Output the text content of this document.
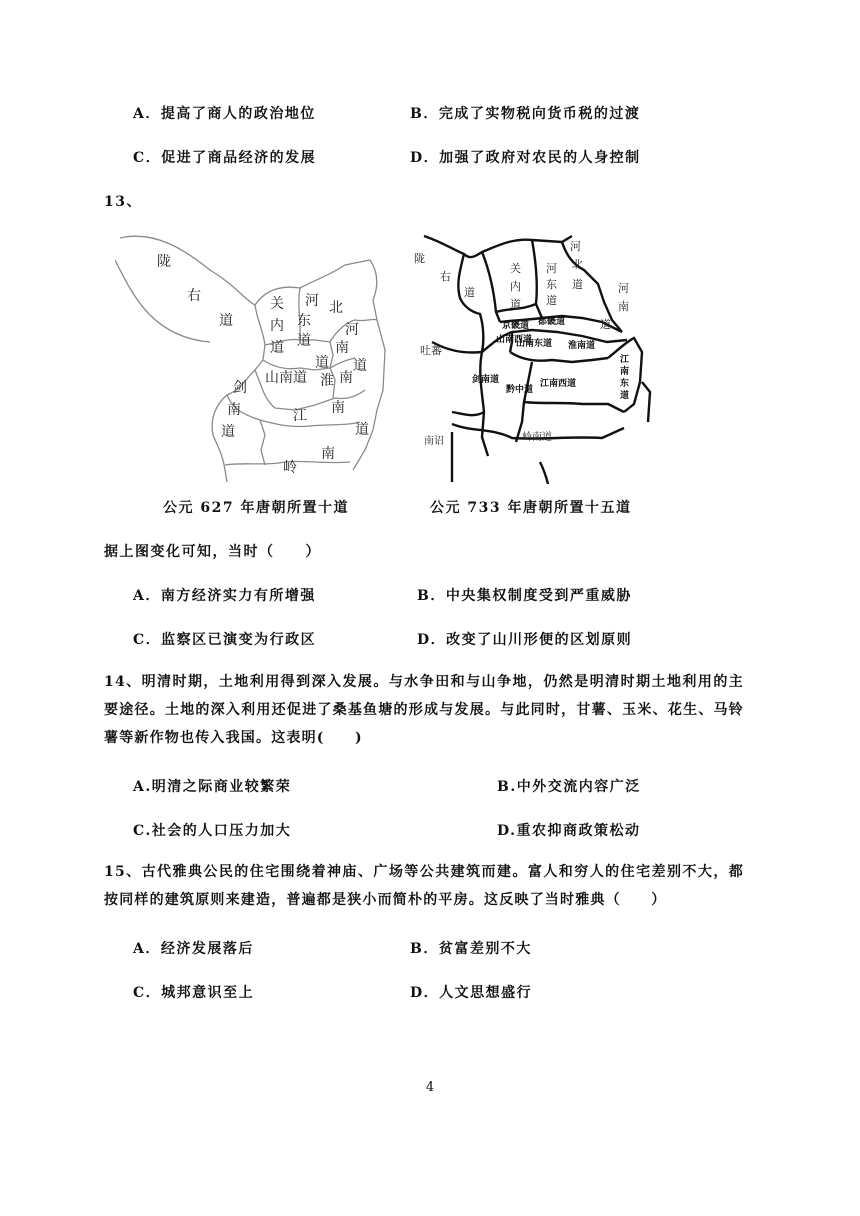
A．提高了商人的政治地位	B．完成了实物税向货币税的过渡
C．促进了商品经济的发展	D．加强了政府对农民的人身控制
13、
陇
右
道
关
内
道
河
东
道
北
河
南
道
山南道 淮 南
道
剑
南
道
江 南
道
岭
南
陇
右
道
关
内
道
河
东
道
河
北
道	河
南
道
京畿道 都畿道
山南西道
山南东道 淮南道
吐蕃
剑南道
黔中道
江南西道
江
南
东
道
南诏	岭南道
公元 627 年唐朝所置十道	公元 733 年唐朝所置十五道
据上图变化可知，当时（　　）
A．南方经济实力有所增强	B．中央集权制度受到严重威胁
C．监察区已演变为行政区	D．改变了山川形便的区划原则
14、明清时期，土地利用得到深入发展。与水争田和与山争地，仍然是明清时期土地利用的主要途径。土地的深入利用还促进了桑基鱼塘的形成与发展。与此同时，甘薯、玉米、花生、马铃薯等新作物也传入我国。这表明(　　)
A.明清之际商业较繁荣	B.中外交流内容广泛
C.社会的人口压力加大	D.重农抑商政策松动
15、古代雅典公民的住宅围绕着神庙、广场等公共建筑而建。富人和穷人的住宅差别不大，都按同样的建筑原则来建造，普遍都是狭小而简朴的平房。这反映了当时雅典（　　）
A．经济发展落后	B．贫富差别不大
C．城邦意识至上	D．人文思想盛行
4
